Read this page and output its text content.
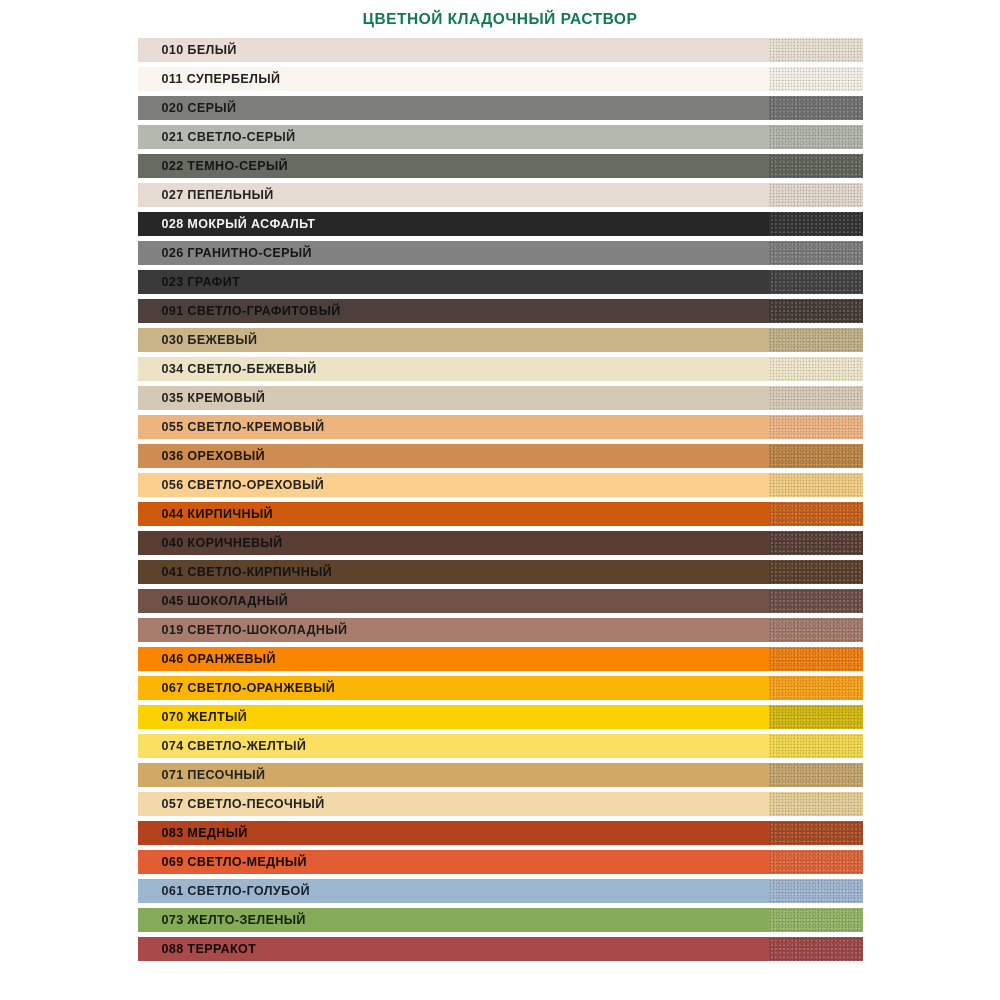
ЦВЕТНОЙ КЛАДОЧНЫЙ РАСТВОР
010 БЕЛЫЙ
011 СУПЕРБЕЛЫЙ
020 СЕРЫЙ
021 СВЕТЛО-СЕРЫЙ
022 ТЕМНО-СЕРЫЙ
027 ПЕПЕЛЬНЫЙ
028 МОКРЫЙ АСФАЛЬТ
026 ГРАНИТНО-СЕРЫЙ
023 ГРАФИТ
091 СВЕТЛО-ГРАФИТОВЫЙ
030 БЕЖЕВЫЙ
034 СВЕТЛО-БЕЖЕВЫЙ
035 КРЕМОВЫЙ
055 СВЕТЛО-КРЕМОВЫЙ
036 ОРЕХОВЫЙ
056 СВЕТЛО-ОРЕХОВЫЙ
044 КИРПИЧНЫЙ
040 КОРИЧНЕВЫЙ
041 СВЕТЛО-КИРПИЧНЫЙ
045 ШОКОЛАДНЫЙ
019 СВЕТЛО-ШОКОЛАДНЫЙ
046 ОРАНЖЕВЫЙ
067 СВЕТЛО-ОРАНЖЕВЫЙ
070 ЖЕЛТЫЙ
074 СВЕТЛО-ЖЕЛТЫЙ
071 ПЕСОЧНЫЙ
057 СВЕТЛО-ПЕСОЧНЫЙ
083 МЕДНЫЙ
069 СВЕТЛО-МЕДНЫЙ
061 СВЕТЛО-ГОЛУБОЙ
073 ЖЕЛТО-ЗЕЛЕНЫЙ
088 ТЕРРАКОТ
